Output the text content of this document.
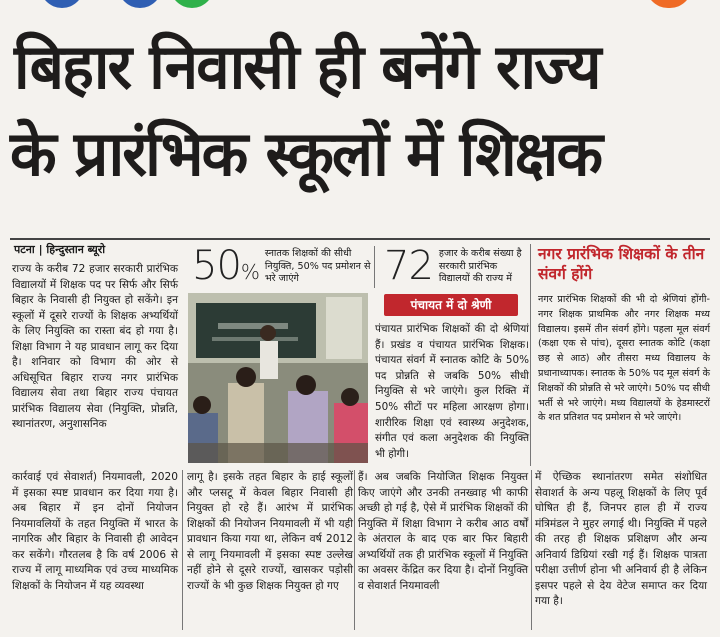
बिहार निवासी ही बनेंगे राज्य
के प्रारंभिक स्कूलों में शिक्षक
पटना | हिन्दुस्तान ब्यूरो
राज्य के करीब 72 हजार सरकारी प्रारंभिक विद्यालयों में शिक्षक पद पर सिर्फ और सिर्फ बिहार के निवासी ही नियुक्त हो सकेंगे। इन स्कूलों में दूसरे राज्यों के शिक्षक अभ्यर्थियों के लिए नियुक्ति का रास्ता बंद हो गया है। शिक्षा विभाग ने यह प्रावधान लागू कर दिया है। शनिवार को विभाग की ओर से अधिसूचित बिहार राज्य नगर प्रारंभिक विद्यालय सेवा तथा बिहार राज्य पंचायत प्रारंभिक विद्यालय सेवा (नियुक्ति, प्रोन्नति, स्थानांतरण, अनुशासनिक
50%
स्नातक शिक्षकों की सीधी नियुक्ति, 50% पद प्रमोशन से भरे जाएंगे	72 हजार के करीब संख्या है सरकारी प्रारंभिक विद्यालयों की राज्य में
पंचायत में दो श्रेणी
पंचायत प्रारंभिक शिक्षकों की दो श्रेणियां हैं। प्रखंड व पंचायत प्रारंभिक शिक्षक। पंचायत संवर्ग में स्नातक कोटि के 50% पद प्रोन्नति से जबकि 50% सीधी नियुक्ति से भरे जाएंगे। कुल रिक्ति में 50% सीटों पर महिला आरक्षण होगा। शारीरिक शिक्षा एवं स्वास्थ्य अनुदेशक, संगीत एवं कला अनुदेशक की नियुक्ति भी होगी।
नगर प्रारंभिक शिक्षकों के तीन संवर्ग होंगे
नगर प्रारंभिक शिक्षकों की भी दो श्रेणियां होंगी- नगर शिक्षक प्राथमिक और नगर शिक्षक मध्य विद्यालय। इसमें तीन संवर्ग होंगे। पहला मूल संवर्ग (कक्षा एक से पांच), दूसरा स्नातक कोटि (कक्षा छह से आठ) और तीसरा मध्य विद्यालय के प्रधानाध्यापक। स्नातक के 50% पद मूल संवर्ग के शिक्षकों की प्रोन्नति से भरे जाएंगे। 50% पद सीधी भर्ती से भरे जाएंगे। मध्य विद्यालयों के हेडमास्टरों के शत प्रतिशत पद प्रमोशन से भरे जाएंगे।
कार्रवाई एवं सेवाशर्त) नियमावली, 2020 में इसका स्पष्ट प्रावधान कर दिया गया है। अब बिहार में इन दोनों नियोजन नियमावलियों के तहत नियुक्ति में भारत के नागरिक और बिहार के निवासी ही आवेदन कर सकेंगे। गौरतलब है कि वर्ष 2006 से राज्य में लागू माध्यमिक एवं उच्च माध्यमिक शिक्षकों के नियोजन में यह व्यवस्था
लागू है। इसके तहत बिहार के हाई स्कूलों और प्लसटू में केवल बिहार निवासी ही नियुक्त हो रहे हैं। आरंभ में प्रारंभिक शिक्षकों की नियोजन नियमावली में भी यही प्रावधान किया गया था, लेकिन वर्ष 2012 से लागू नियमावली में इसका स्पष्ट उल्लेख नहीं होने से दूसरे राज्यों, खासकर पड़ोसी राज्यों के भी कुछ शिक्षक नियुक्त हो गए
हैं। अब जबकि नियोजित शिक्षक नियुक्त किए जाएंगे और उनकी तनख्वाह भी काफी अच्छी हो गई है, ऐसे में प्रारंभिक शिक्षकों की नियुक्ति में शिक्षा विभाग ने करीब आठ वर्षों के अंतराल के बाद एक बार फिर बिहारी अभ्यर्थियों तक ही प्रारंभिक स्कूलों में नियुक्ति का अवसर केंद्रित कर दिया है। दोनों नियुक्ति व सेवाशर्त नियमावली
में ऐच्छिक स्थानांतरण समेत संशोधित सेवाशर्त के अन्य पहलू शिक्षकों के लिए पूर्व घोषित ही हैं, जिनपर हाल ही में राज्य मंत्रिमंडल ने मुहर लगाई थी। नियुक्ति में पहले की तरह ही शिक्षक प्रशिक्षण और अन्य अनिवार्य डिग्रियां रखी गई हैं। शिक्षक पात्रता परीक्षा उत्तीर्ण होना भी अनिवार्य ही है लेकिन इसपर पहले से देय वेटेज समाप्त कर दिया गया है।
